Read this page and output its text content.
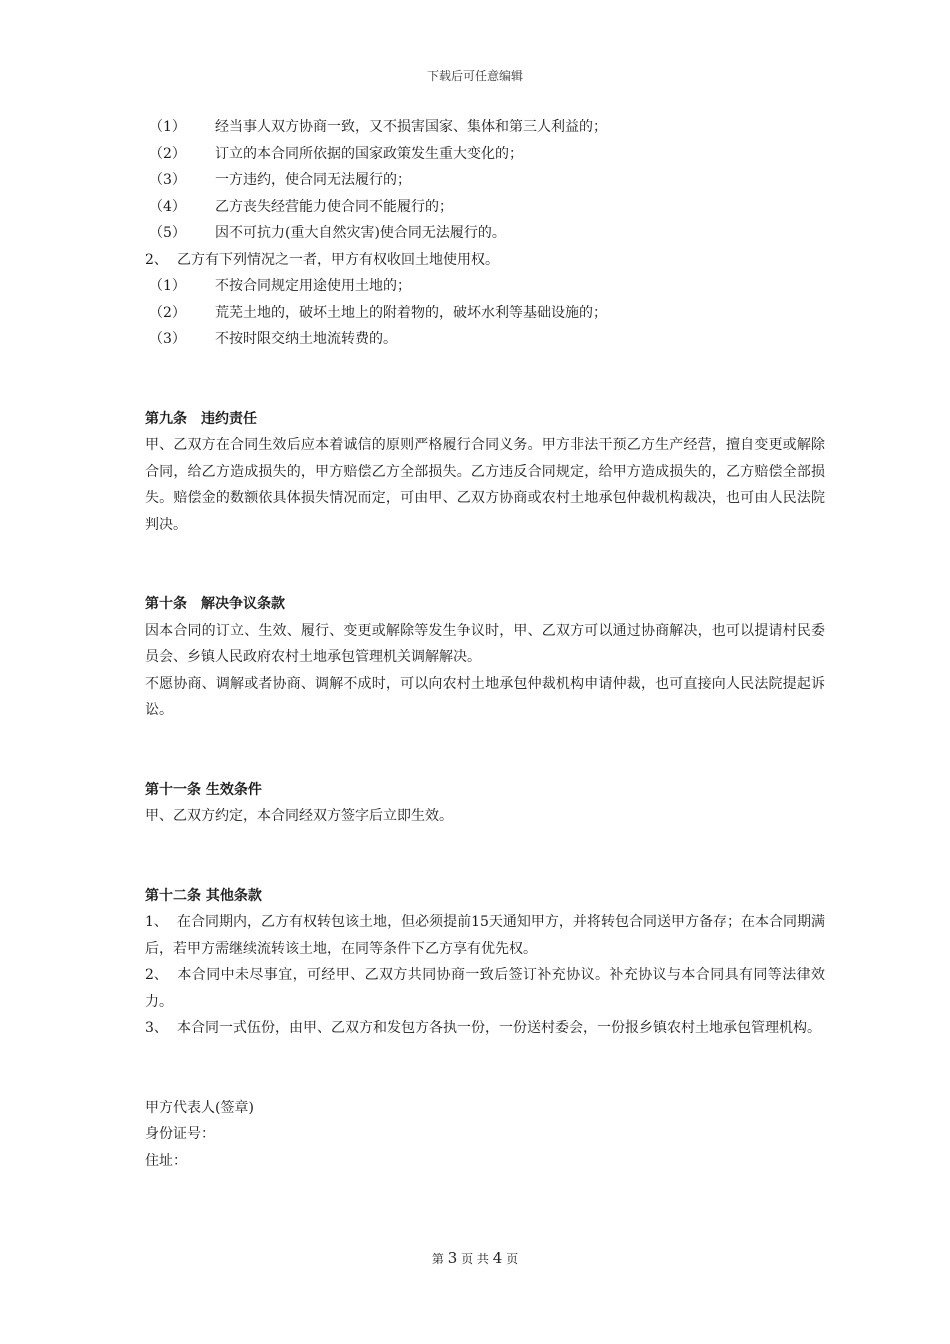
下载后可任意编辑
（1）	经当事人双方协商一致，又不损害国家、集体和第三人利益的；
（2）	订立的本合同所依据的国家政策发生重大变化的；
（3）	一方违约，使合同无法履行的；
（4）	乙方丧失经营能力使合同不能履行的；
（5）	因不可抗力(重大自然灾害)使合同无法履行的。
2、 乙方有下列情况之一者，甲方有权收回土地使用权。
（1）	不按合同规定用途使用土地的；
（2）	荒芜土地的，破坏土地上的附着物的，破坏水利等基础设施的；
（3）	不按时限交纳土地流转费的。
第九条 违约责任
甲、乙双方在合同生效后应本着诚信的原则严格履行合同义务。甲方非法干预乙方生产经营，擅自变更或解除合同，给乙方造成损失的，甲方赔偿乙方全部损失。乙方违反合同规定，给甲方造成损失的，乙方赔偿全部损失。赔偿金的数额依具体损失情况而定，可由甲、乙双方协商或农村土地承包仲裁机构裁决，也可由人民法院判决。
第十条 解决争议条款
因本合同的订立、生效、履行、变更或解除等发生争议时，甲、乙双方可以通过协商解决，也可以提请村民委员会、乡镇人民政府农村土地承包管理机关调解解决。
不愿协商、调解或者协商、调解不成时，可以向农村土地承包仲裁机构申请仲裁，也可直接向人民法院提起诉讼。
第十一条 生效条件
甲、乙双方约定，本合同经双方签字后立即生效。
第十二条 其他条款
1、 在合同期内，乙方有权转包该土地，但必须提前15天通知甲方，并将转包合同送甲方备存；在本合同期满后，若甲方需继续流转该土地，在同等条件下乙方享有优先权。
2、 本合同中未尽事宜，可经甲、乙双方共同协商一致后签订补充协议。补充协议与本合同具有同等法律效力。
3、 本合同一式伍份，由甲、乙双方和发包方各执一份，一份送村委会，一份报乡镇农村土地承包管理机构。
甲方代表人(签章)
身份证号：
住址：
第 3 页 共 4 页
